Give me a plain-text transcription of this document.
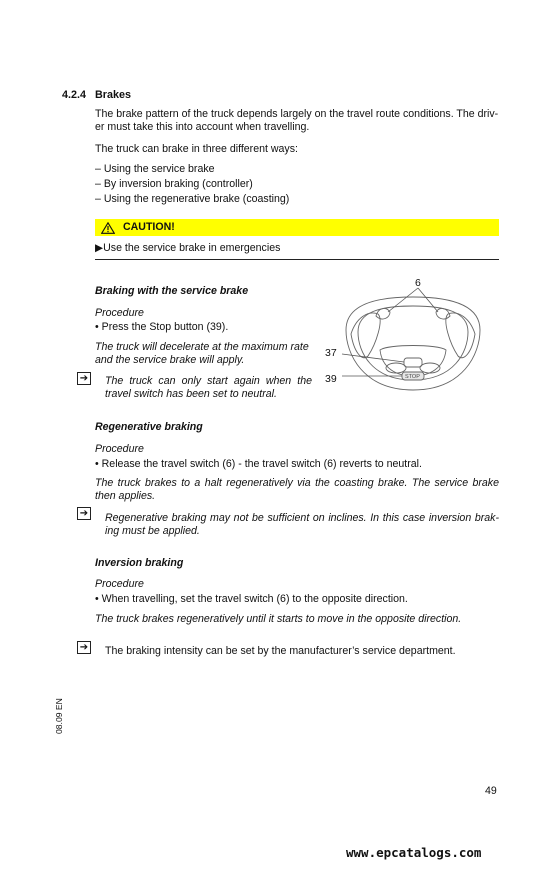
4.2.4 Brakes

The brake pattern of the truck depends largely on the travel route conditions. The driv-er must take this into account when travelling.

The truck can brake in three different ways:

– Using the service brake
– By inversion braking (controller)
– Using the regenerative brake (coasting)
CAUTION!
▶Use the service brake in emergencies
Braking with the service brake
Procedure
• Press the Stop button (39).

The truck will decelerate at the maximum rate and the service brake will apply.

➔ The truck can only start again when the travel switch has been set to neutral.

6
37
39	STOP
Regenerative braking
Procedure
• Release the travel switch (6) - the travel switch (6) reverts to neutral.

The truck brakes to a halt regeneratively via the coasting brake. The service brake then applies.

➔ Regenerative braking may not be sufficient on inclines. In this case inversion brak-ing must be applied.

Inversion braking
Procedure
• When travelling, set the travel switch (6) to the opposite direction.

The truck brakes regeneratively until it starts to move in the opposite direction.

➔ The braking intensity can be set by the manufacturer’s service department.

08.09 EN
49
www.epcatalogs.com
